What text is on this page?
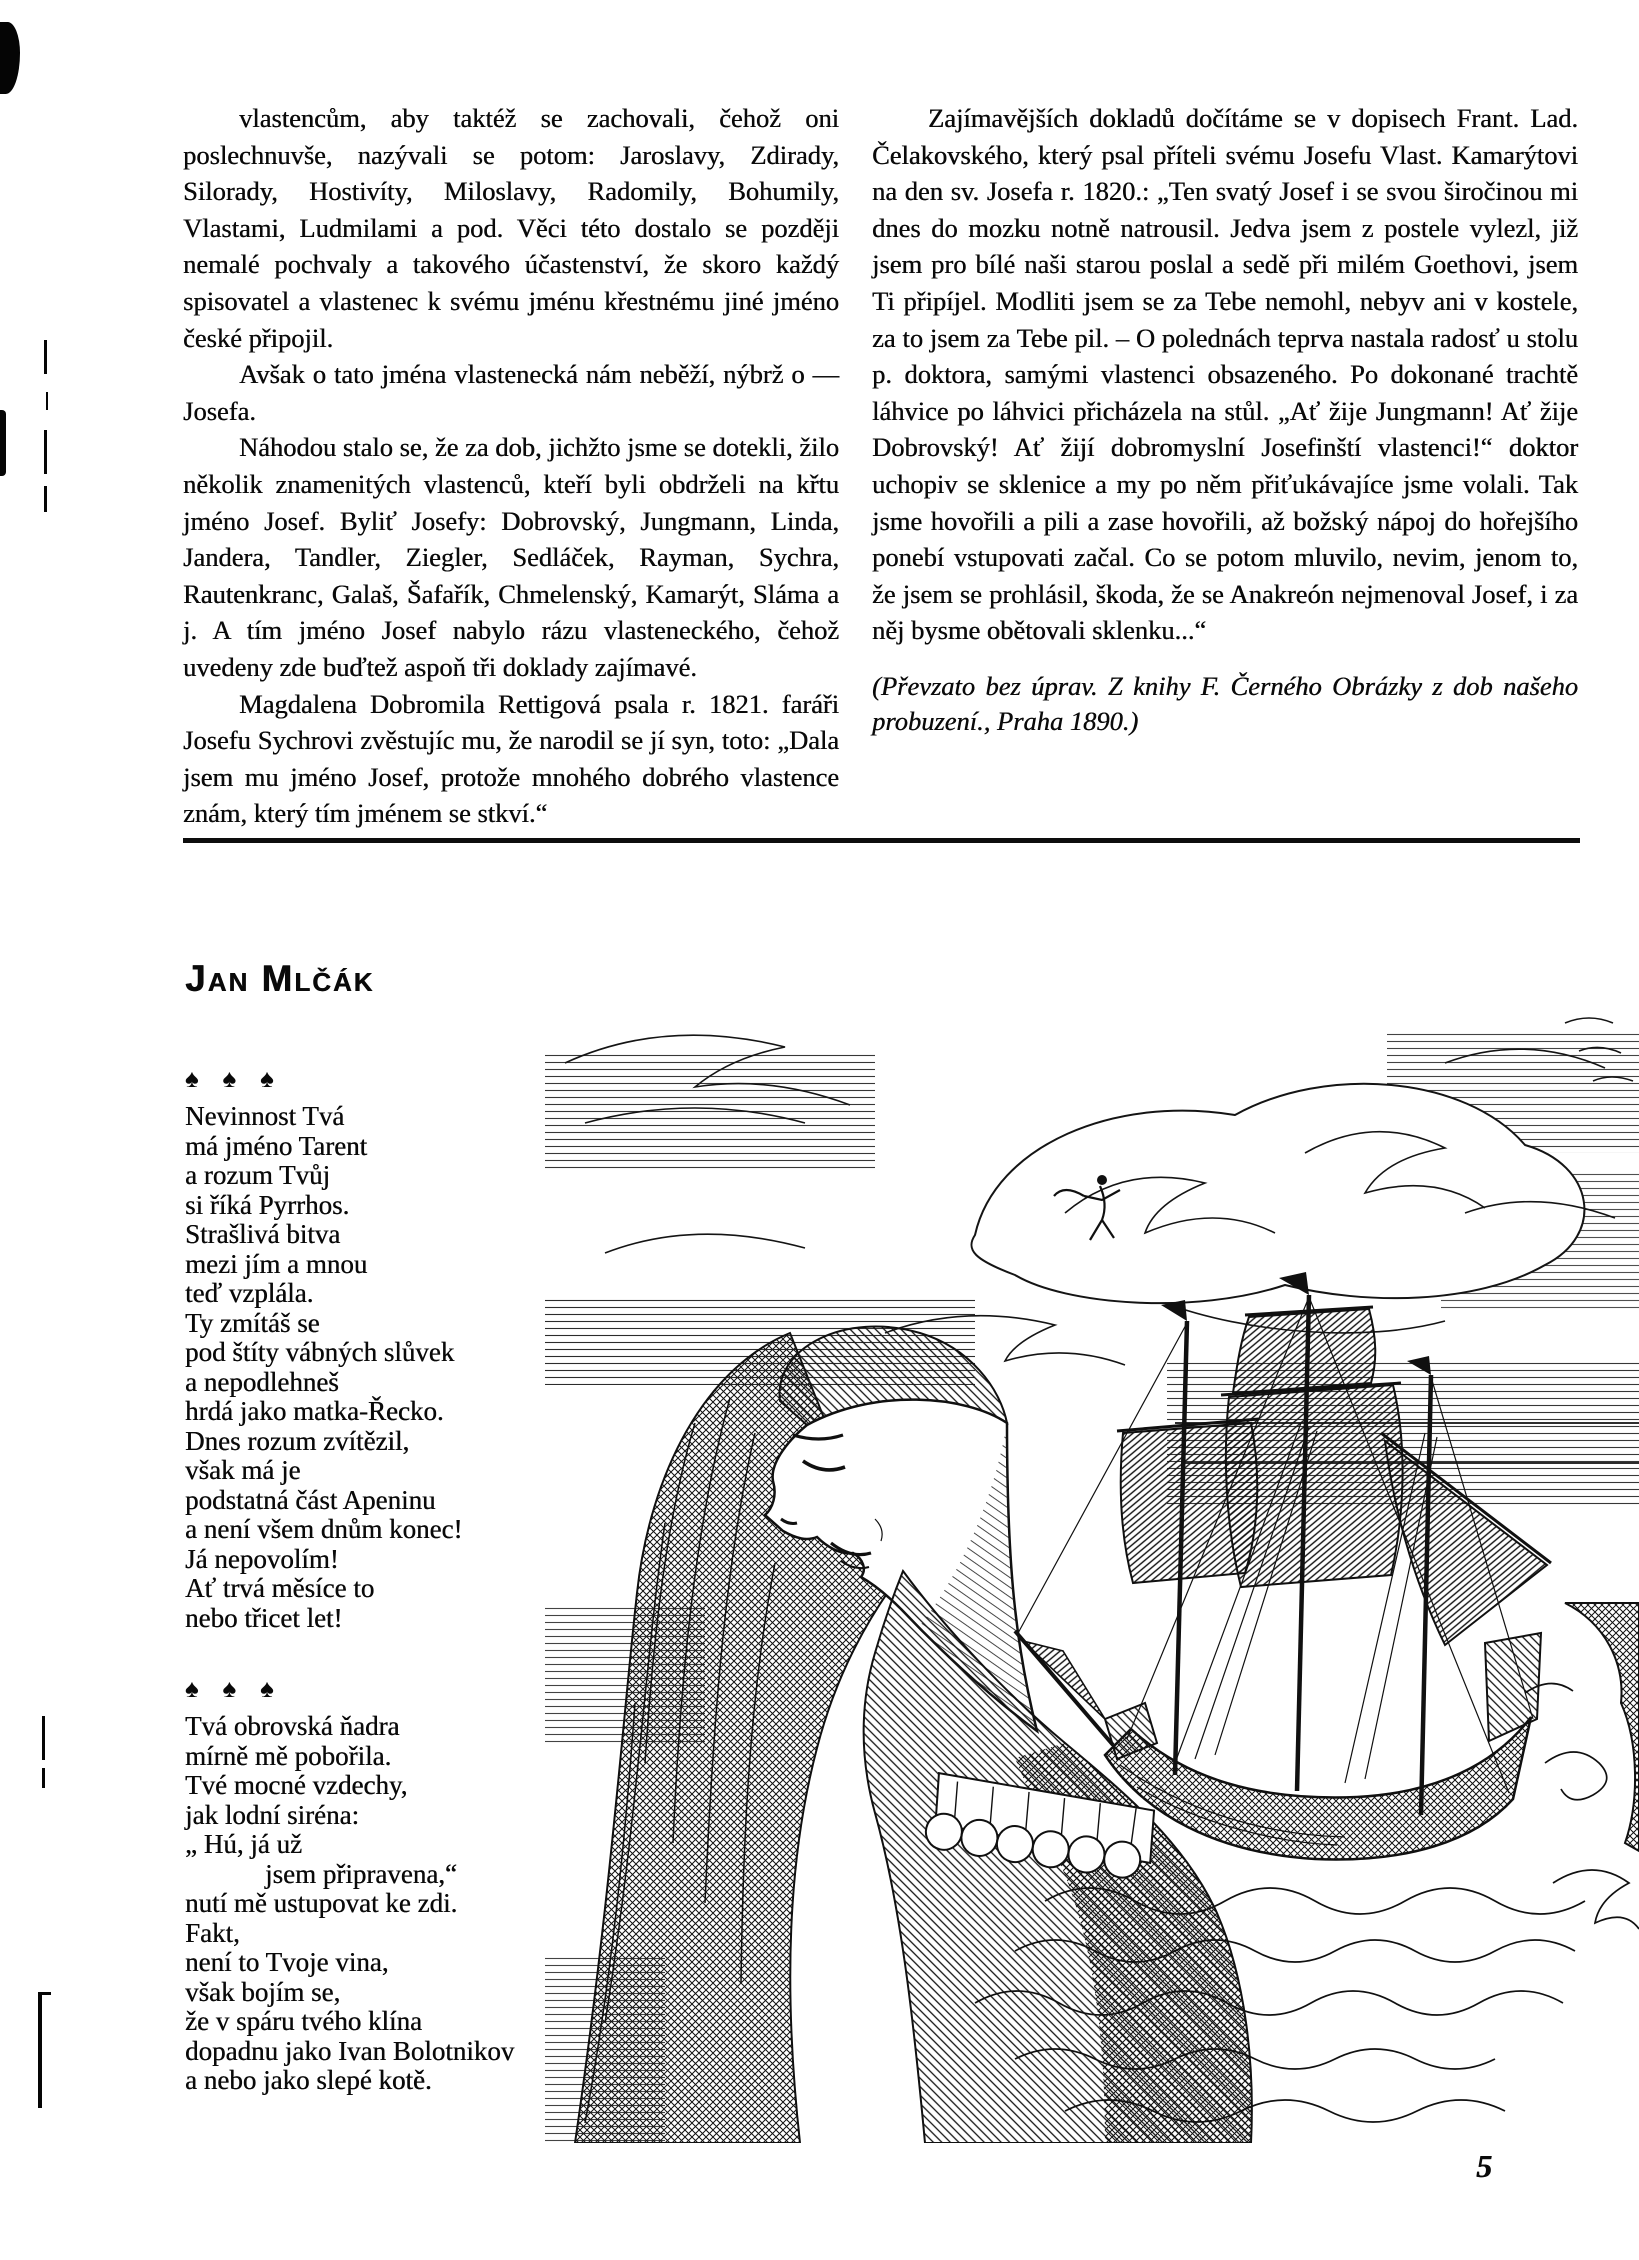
vlastencům, aby taktéž se zachovali, čehož oni poslechnuvše, nazývali se potom: Jaroslavy, Zdirady, Silorady, Hostivíty, Miloslavy, Radomily, Bohumily, Vlastami, Ludmilami a pod. Věci této dostalo se později nemalé pochvaly a takového účastenství, že skoro každý spisovatel a vlastenec k svému jménu křestnému jiné jméno české připojil.

Avšak o tato jména vlastenecká nám neběží, nýbrž o — Josefa.

Náhodou stalo se, že za dob, jichžto jsme se dotekli, žilo několik znamenitých vlastenců, kteří byli obdrželi na křtu jméno Josef. Byliť Josefy: Dobrovský, Jungmann, Linda, Jandera, Tandler, Ziegler, Sedláček, Rayman, Sychra, Rautenkranc, Galaš, Šafařík, Chmelenský, Kamarýt, Sláma a j. A tím jméno Josef nabylo rázu vlasteneckého, čehož uvedeny zde buďtež aspoň tři doklady zajímavé.

Magdalena Dobromila Rettigová psala r. 1821. faráři Josefu Sychrovi zvěstujíc mu, že narodil se jí syn, toto: „Dala jsem mu jméno Josef, protože mnohého dobrého vlastence znám, který tím jménem se stkví.“

Zajímavějších dokladů dočítáme se v dopisech Frant. Lad. Čelakovského, který psal příteli svému Josefu Vlast. Kamarýtovi na den sv. Josefa r. 1820.: „Ten svatý Josef i se svou širočinou mi dnes do mozku notně natrousil. Jedva jsem z postele vylezl, již jsem pro bílé naši starou poslal a sedě při milém Goethovi, jsem Ti připíjel. Modliti jsem se za Tebe nemohl, nebyv ani v kostele, za to jsem za Tebe pil. – O polednách teprva nastala radosť u stolu p. doktora, samými vlastenci obsazeného. Po dokonané trachtě láhvice po láhvici přicházela na stůl. „Ať žije Jungmann! Ať žije Dobrovský! Ať žijí dobromyslní Josefinští vlastenci!“ doktor uchopiv se sklenice a my po něm přiťukávajíce jsme volali. Tak jsme hovořili a pili a zase hovořili, až božský nápoj do hořejšího ponebí vstupovati začal. Co se potom mluvilo, nevim, jenom to, že jsem se prohlásil, škoda, že se Anakreón nejmenoval Josef, i za něj bysme obětovali sklenku...“

(Převzato bez úprav. Z knihy F. Černého Obrázky z dob našeho probuzení., Praha 1890.)

Jan Mlčák
♠ ♠ ♠
Nevinnost Tvá
má jméno Tarent
a rozum Tvůj
si říká Pyrrhos.
Strašlivá bitva
mezi jím a mnou
teď vzplála.
Ty zmítáš se
pod štíty vábných slůvek
a nepodlehneš
hrdá jako matka-Řecko.
Dnes rozum zvítězil,
však má je
podstatná část Apeninu
a není všem dnům konec!
Já nepovolím!
Ať trvá měsíce to
nebo třicet let!
♠ ♠ ♠
Tvá obrovská ňadra
mírně mě pobořila.
Tvé mocné vzdechy,
jak lodní siréna:
„ Hú, já už
jsem připravena,“
nutí mě ustupovat ke zdi.
Fakt,
není to Tvoje vina,
však bojím se,
že v spáru tvého klína
dopadnu jako Ivan Bolotnikov
a nebo jako slepé kotě.
5
